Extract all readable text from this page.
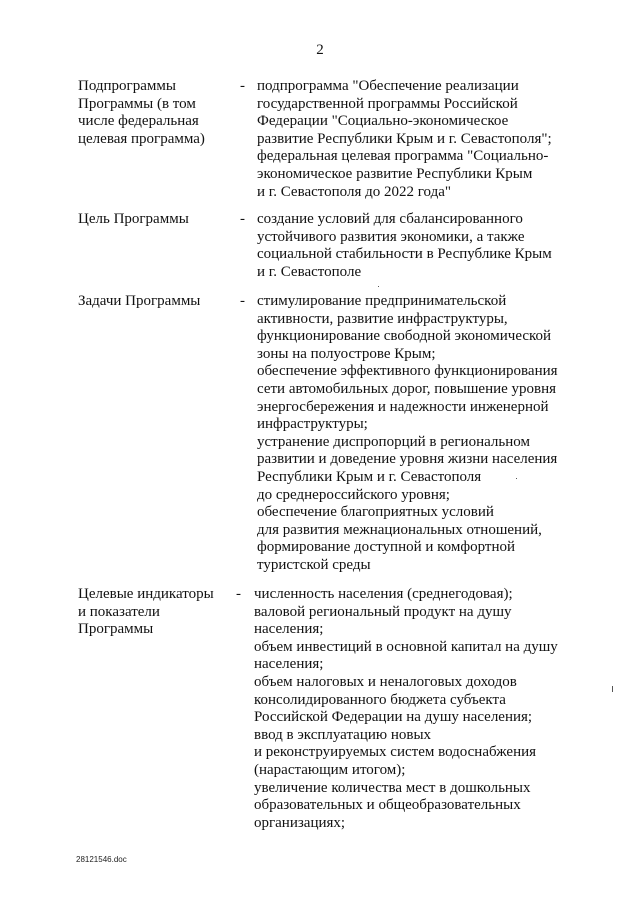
2
Подпрограммы
Программы (в том
числе федеральная
целевая программа)
- подпрограмма "Обеспечение реализации
государственной программы Российской
Федерации "Социально-экономическое
развитие Республики Крым и г. Севастополя";
федеральная целевая программа "Социально-
экономическое развитие Республики Крым
и г. Севастополя до 2022 года"
Цель Программы	- создание условий для сбалансированного
устойчивого развития экономики, а также
социальной стабильности в Республике Крым
и г. Севастополе
Задачи Программы	- стимулирование предпринимательской
активности, развитие инфраструктуры,
функционирование свободной экономической
зоны на полуострове Крым;
обеспечение эффективного функционирования
сети автомобильных дорог, повышение уровня
энергосбережения и надежности инженерной
инфраструктуры;
устранение диспропорций в региональном
развитии и доведение уровня жизни населения
Республики Крым и г. Севастополя
до среднероссийского уровня;
обеспечение благоприятных условий
для развития межнациональных отношений,
формирование доступной и комфортной
туристской среды
Целевые индикаторы
и показатели
Программы
- численность населения (среднегодовая);
валовой региональный продукт на душу
населения;
объем инвестиций в основной капитал на душу
населения;
объем налоговых и неналоговых доходов
консолидированного бюджета субъекта
Российской Федерации на душу населения;
ввод в эксплуатацию новых
и реконструируемых систем водоснабжения
(нарастающим итогом);
увеличение количества мест в дошкольных
образовательных и общеобразовательных
организациях;
28121546.doc
